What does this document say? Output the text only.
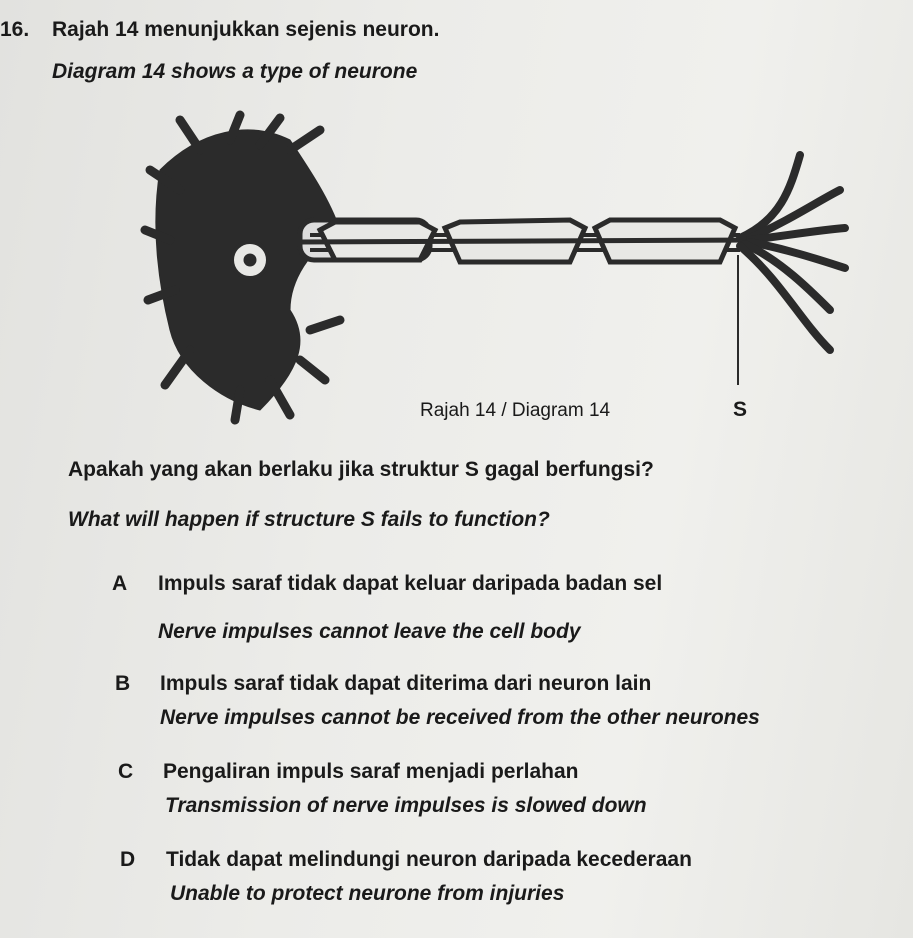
16. Rajah 14 menunjukkan sejenis neuron.
Diagram 14 shows a type of neurone
Rajah 14 / Diagram 14	S
Apakah yang akan berlaku jika struktur S gagal berfungsi?
What will happen if structure S fails to function?
A Impuls saraf tidak dapat keluar daripada badan sel
Nerve impulses cannot leave the cell body
B Impuls saraf tidak dapat diterima dari neuron lain
Nerve impulses cannot be received from the other neurones
C Pengaliran impuls saraf menjadi perlahan
Transmission of nerve impulses is slowed down
D Tidak dapat melindungi neuron daripada kecederaan
Unable to protect neurone from injuries
